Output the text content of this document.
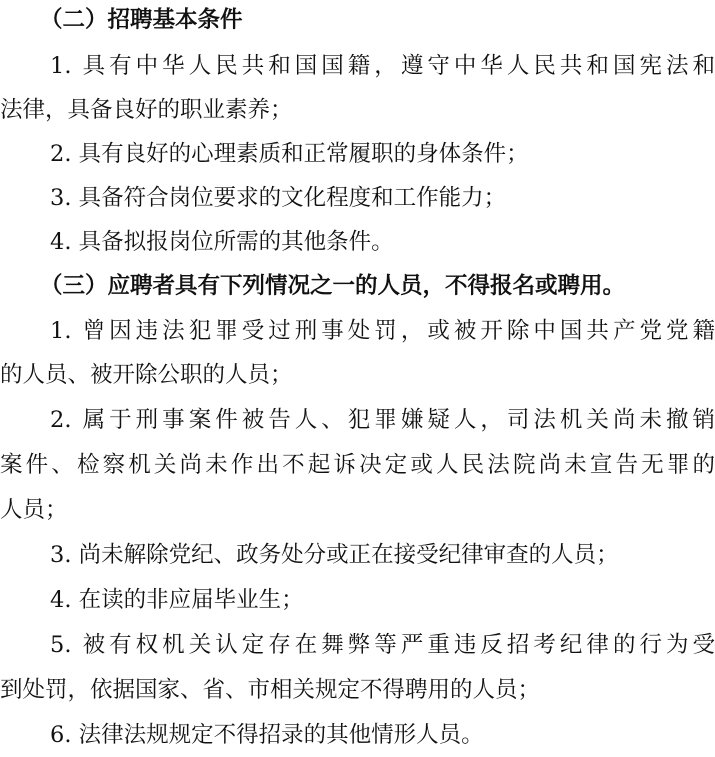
（二）招聘基本条件
1. 具有中华人民共和国国籍，遵守中华人民共和国宪法和
法律，具备良好的职业素养；
2. 具有良好的心理素质和正常履职的身体条件；
3. 具备符合岗位要求的文化程度和工作能力；
4. 具备拟报岗位所需的其他条件。
（三）应聘者具有下列情况之一的人员，不得报名或聘用。
1. 曾因违法犯罪受过刑事处罚，或被开除中国共产党党籍
的人员、被开除公职的人员；
2. 属于刑事案件被告人、犯罪嫌疑人，司法机关尚未撤销
案件、检察机关尚未作出不起诉决定或人民法院尚未宣告无罪的
人员；
3. 尚未解除党纪、政务处分或正在接受纪律审查的人员；
4. 在读的非应届毕业生；
5. 被有权机关认定存在舞弊等严重违反招考纪律的行为受
到处罚，依据国家、省、市相关规定不得聘用的人员；
6. 法律法规规定不得招录的其他情形人员。
